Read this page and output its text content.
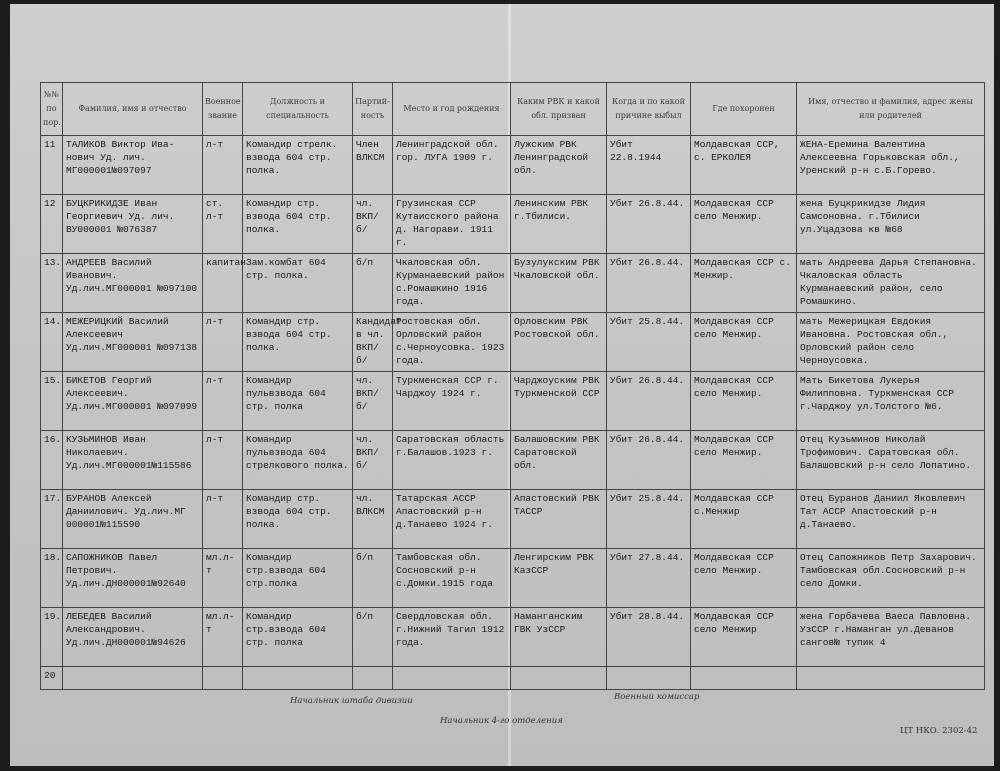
№№ по пор.	Фамилия, имя и отчество	Военное звание	Должность и специальность	Партий- ность	Место и год рождения	Каким РВК и какой обл. призван	Когда и по какой причине выбыл	Где похоронен	Имя, отчество и фамилия, адрес жены или родителей
11	ТАЛИКОВ Виктор Ива- нович Уд. лич. МГ000001№097097	л-т	Командир стрелк. взвода 604 стр. полка.	Член ВЛКСМ	Ленинградской обл. гор. ЛУГА 1909 г.	Лужским РВК Ленинградской обл.	Убит 22.8.1944	Молдавская ССР, с. ЕРКОЛЕЯ	ЖЕНА-Еремина Валентина Алексеевна Горьковская обл., Уренский р-н с.Б.Горево.
12	БУЦКРИКИДЗЕ Иван Георгиевич Уд. лич. ВУ000001 №076387	ст. л-т	Командир стр. взвода 604 стр. полка.	чл. ВКП/б/	Грузинская ССР Кутаисского района д. Нагорави. 1911 г.	Ленинским РВК г.Тбилиси.	Убит 26.8.44.	Молдавская ССР село Менжир.	жена Буцкрикидзе Лидия Самсоновна. г.Тбилиси ул.Уцадзова кв №68
13.	АНДРЕЕВ Василий Иванович. Уд.лич.МГ000001 №097100	капитан	Зам.комбат 604 стр. полка.	б/п	Чкаловская обл. Курманаевский район с.Ромашкино 1916 года.	Бузулукским РВК Чкаловской обл.	Убит 26.8.44.	Молдавская ССР с. Менжир.	мать Андреева Дарья Степановна. Чкаловская область Курманаевский район, село Ромашкино.
14.	МЕЖЕРИЦКИЙ Василий Алексеевич Уд.лич.МГ000001 №097138	л-т	Командир стр. взвода 604 стр. полка.	Кандидат в чл. ВКП/б/	Ростовская обл. Орловский район с.Черноусовка. 1923 года.	Орловским РВК Ростовской обл.	Убит 25.8.44.	Молдавская ССР село Менжир.	мать Межерицкая Евдокия Ивановна. Ростовская обл., Орловский район село Черноусовка.
15.	БИКЕТОВ Георгий Алексеевич. Уд.лич.МГ000001 №097099	л-т	Командир пульвзвода 604 стр. полка	чл. ВКП/б/	Туркменская ССР г. Чарджоу 1924 г.	Чарджоуским РВК Туркменской ССР	Убит 26.8.44.	Молдавская ССР село Менжир.	Мать Бикетова Лукерья Филипповна. Туркменская ССР г.Чарджоу ул.Толстого №6.
16.	КУЗЬМИНОВ Иван Николаевич. Уд.лич.МГ000001№115586	л-т	Командир пульвзвода 604 стрелкового полка.	чл. ВКП/б/	Саратовская область г.Балашов.1923 г.	Балашовским РВК Саратовской обл.	Убит 26.8.44.	Молдавская ССР село Менжир.	Отец Кузьминов Николай Трофимович. Саратовская обл. Балашовский р-н село Лопатино.
17.	БУРАНОВ Алексей Даниилович. Уд.лич.МГ 000001№115590	л-т	Командир стр. взвода 604 стр. полка.	чл. ВЛКСМ	Татарская АССР Апастовский р-н д.Танаево 1924 г.	Апастовский РВК ТАССР	Убит 25.8.44.	Молдавская ССР с.Менжир	Отец Буранов Даниил Яковлевич Тат АССР Апастовский р-н д.Танаево.
18.	САПОЖНИКОВ Павел Петрович. Уд.лич.ДН000001№92640	мл.л-т	Командир стр.взвода 604 стр.полка	б/п	Тамбовская обл. Сосновский р-н с.Домки.1915 года	Ленгирским РВК КазССР	Убит 27.8.44.	Молдавская ССР село Менжир.	Отец Сапожников Петр Захарович. Тамбовская обл.Сосновский р-н село Домки.
19.	ЛЕБЕДЕВ Василий Александрович. Уд.лич.ДН000001№94626	мл.л-т	Командир стр.взвода 604 стр. полка	б/п	Свердловская обл. г.Нижний Тагил 1912 года.	Наманганским ГВК УзССР	Убит 28.8.44.	Молдавская ССР село Менжир	жена Горбачева Ваеса Павловна. УзССР г.Наманган ул.Деванов сангов№ тупик 4
20									
Начальник штаба дивизии	Военный комиссар
Начальник 4-го отделения
ЦТ НКО. 2302-42
